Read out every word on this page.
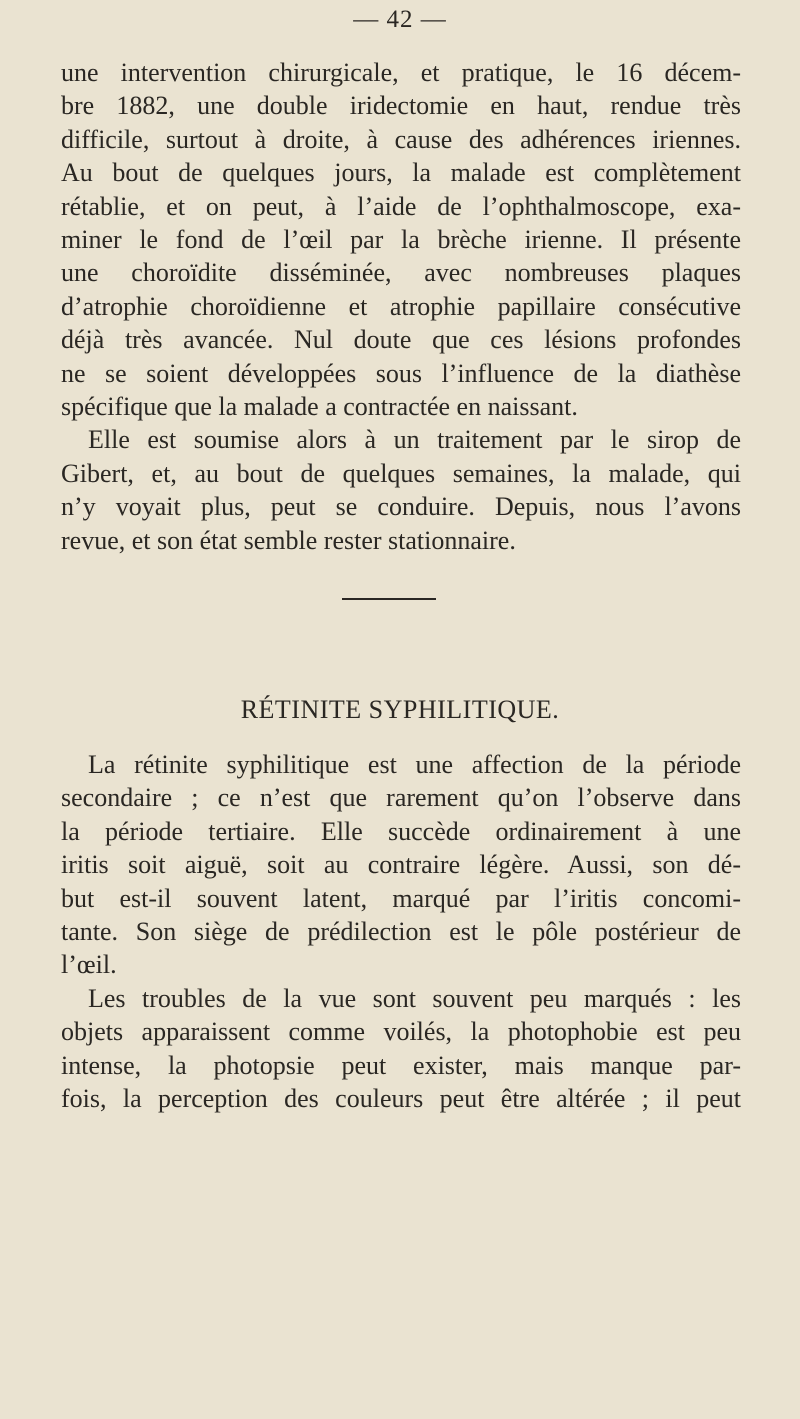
— 42 —
une intervention chirurgicale, et pratique, le 16 décem-
bre 1882, une double iridectomie en haut, rendue très
difficile, surtout à droite, à cause des adhérences iriennes.
Au bout de quelques jours, la malade est complètement
rétablie, et on peut, à l’aide de l’ophthalmoscope, exa-
miner le fond de l’œil par la brèche irienne. Il présente
une choroïdite disséminée, avec nombreuses plaques
d’atrophie choroïdienne et atrophie papillaire consécutive
déjà très avancée. Nul doute que ces lésions profondes
ne se soient développées sous l’influence de la diathèse
spécifique que la malade a contractée en naissant.
Elle est soumise alors à un traitement par le sirop de
Gibert, et, au bout de quelques semaines, la malade, qui
n’y voyait plus, peut se conduire. Depuis, nous l’avons
revue, et son état semble rester stationnaire.
RÉTINITE SYPHILITIQUE.
La rétinite syphilitique est une affection de la période
secondaire ; ce n’est que rarement qu’on l’observe dans
la période tertiaire. Elle succède ordinairement à une
iritis soit aiguë, soit au contraire légère. Aussi, son dé-
but est-il souvent latent, marqué par l’iritis concomi-
tante. Son siège de prédilection est le pôle postérieur de
l’œil.
Les troubles de la vue sont souvent peu marqués : les
objets apparaissent comme voilés, la photophobie est peu
intense, la photopsie peut exister, mais manque par-
fois, la perception des couleurs peut être altérée ; il peut
